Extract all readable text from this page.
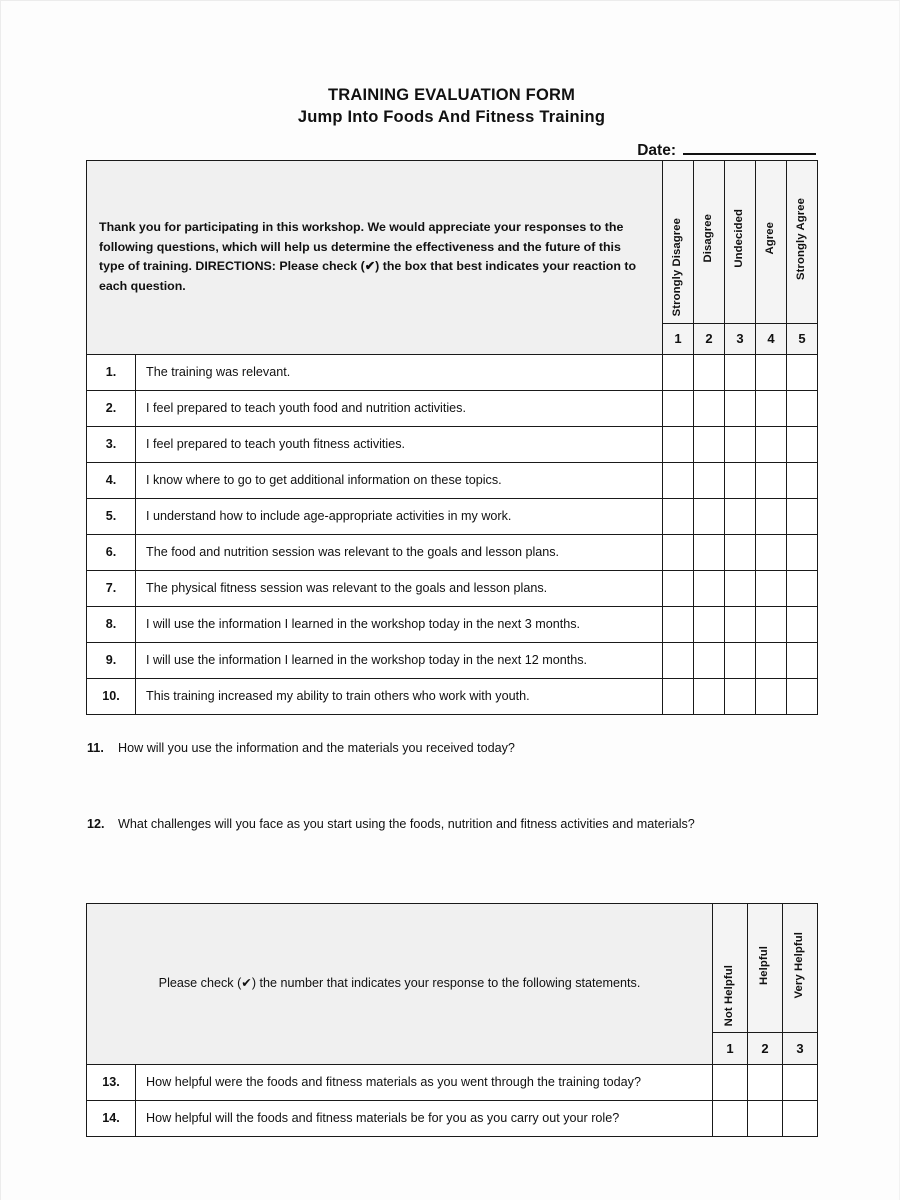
TRAINING EVALUATION FORM
Jump Into Foods And Fitness Training
Date:
Thank you for participating in this workshop. We would appreciate your responses to the following questions, which will help us determine the effectiveness and the future of this type of training. DIRECTIONS: Please check (✔) the box that best indicates your reaction to each question.		Strongly Disagree	Disagree	Undecided	Agree	Strongly Agree

		1	2	3	4	5
1.	The training was relevant.					
2.	I feel prepared to teach youth food and nutrition activities.					
3.	I feel prepared to teach youth fitness activities.					
4.	I know where to go to get additional information on these topics.					
5.	I understand how to include age-appropriate activities in my work.					
6.	The food and nutrition session was relevant to the goals and lesson plans.					
7.	The physical fitness session was relevant to the goals and lesson plans.					
8.	I will use the information I learned in the workshop today in the next 3 months.					
9.	I will use the information I learned in the workshop today in the next 12 months.					
10.	This training increased my ability to train others who work with youth.					
11.	How will you use the information and the materials you received today?
12.	What challenges will you face as you start using the foods, nutrition and fitness activities and materials?
Please check (✔) the number that indicates your response to the following statements.		Not Helpful	Helpful	Very Helpful

		1	2	3
13.	How helpful were the foods and fitness materials as you went through the training today?			
14.	How helpful will the foods and fitness materials be for you as you carry out your role?			
